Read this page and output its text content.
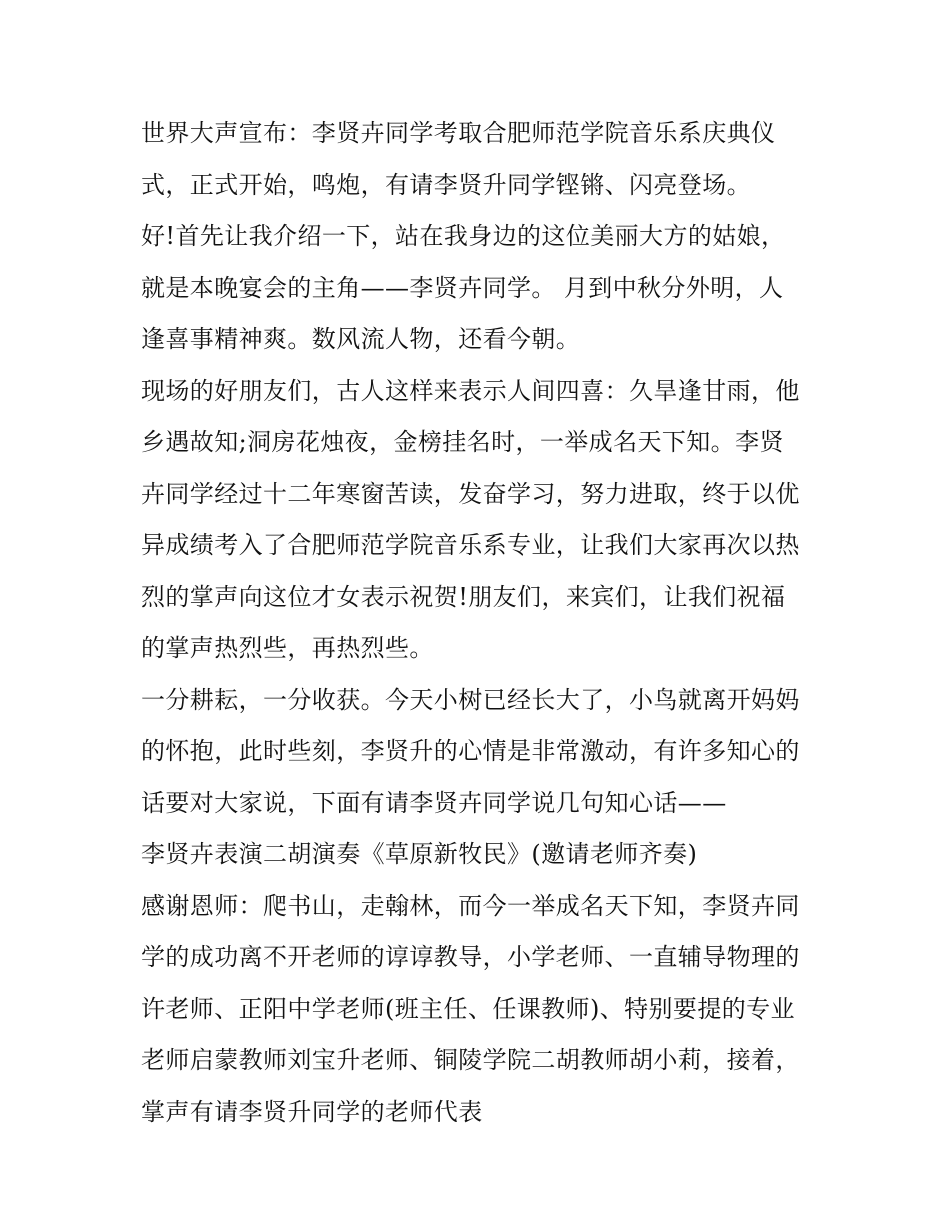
世界大声宣布：李贤卉同学考取合肥师范学院音乐系庆典仪
式，正式开始，鸣炮，有请李贤升同学铿锵、闪亮登场。
好!首先让我介绍一下，站在我身边的这位美丽大方的姑娘，
就是本晚宴会的主角——李贤卉同学。 月到中秋分外明，人
逢喜事精神爽。数风流人物，还看今朝。
现场的好朋友们，古人这样来表示人间四喜：久旱逢甘雨，他
乡遇故知;洞房花烛夜，金榜挂名时，一举成名天下知。李贤
卉同学经过十二年寒窗苦读，发奋学习，努力进取，终于以优
异成绩考入了合肥师范学院音乐系专业，让我们大家再次以热
烈的掌声向这位才女表示祝贺!朋友们，来宾们，让我们祝福
的掌声热烈些，再热烈些。
一分耕耘，一分收获。今天小树已经长大了，小鸟就离开妈妈
的怀抱，此时些刻，李贤升的心情是非常激动，有许多知心的
话要对大家说，下面有请李贤卉同学说几句知心话——
李贤卉表演二胡演奏《草原新牧民》(邀请老师齐奏)
感谢恩师：爬书山，走翰林，而今一举成名天下知，李贤卉同
学的成功离不开老师的谆谆教导，小学老师、一直辅导物理的
许老师、正阳中学老师(班主任、任课教师)、特别要提的专业
老师启蒙教师刘宝升老师、铜陵学院二胡教师胡小莉，接着，
掌声有请李贤升同学的老师代表
